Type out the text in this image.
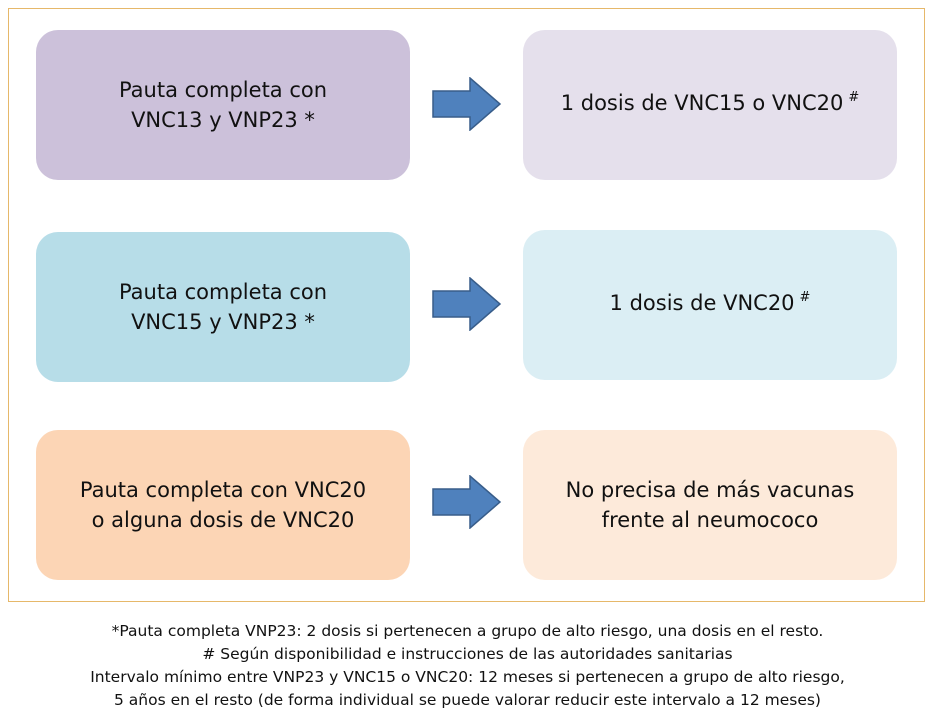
Pauta completa con
VNC13 y VNP23 *
1 dosis de VNC15 o VNC20 #
Pauta completa con
VNC15 y VNP23 *
1 dosis de VNC20 #
Pauta completa con VNC20
o alguna dosis de VNC20
No precisa de más vacunas
frente al neumococo
*Pauta completa VNP23: 2 dosis si pertenecen a grupo de alto riesgo, una dosis en el resto.
# Según disponibilidad e instrucciones de las autoridades sanitarias
Intervalo mínimo entre VNP23 y VNC15 o VNC20: 12 meses si pertenecen a grupo de alto riesgo,
5 años en el resto (de forma individual se puede valorar reducir este intervalo a 12 meses)
